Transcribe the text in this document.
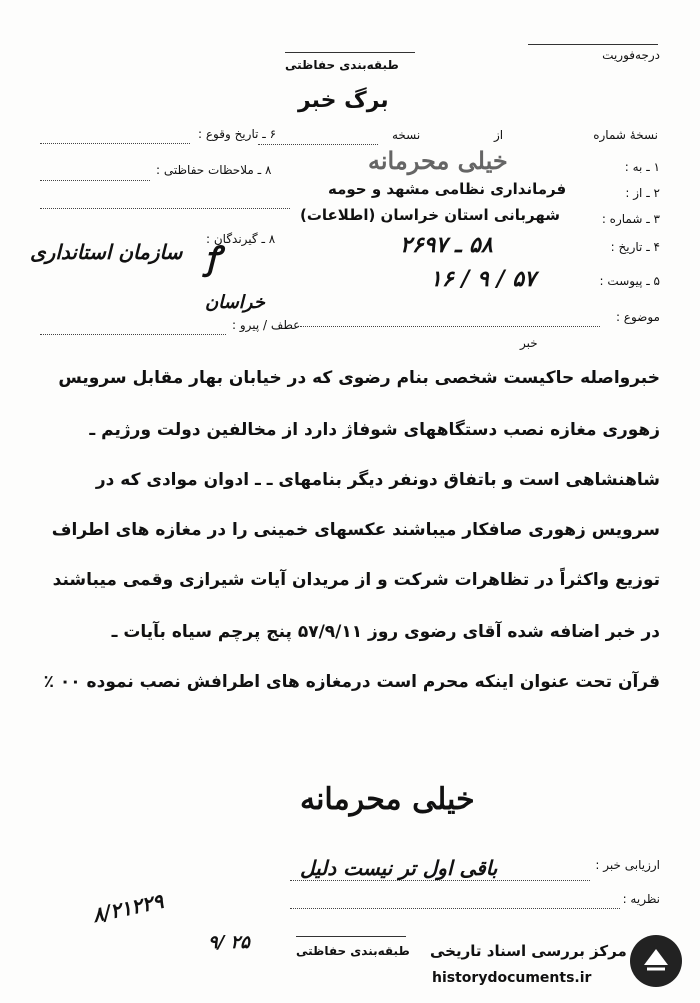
درجه‌فوریت
طبقه‌بندی حفاظتی
برگ خبر
نسخهٔ شماره
از
نسخه
۶ ـ تاریخ وقوع :
۸ ـ ملاحظات حفاظتی :
۸ ـ گیرندگان :
سازمان استانداری ꝭ
خراسان
عطف / پیرو :
۱ ـ به :
خیلی محرمانه
۲ ـ از :
فرمانداری نظامی مشهد و حومه
۳ ـ شماره :
شهربانی استان خراسان (اطلاعات)
۴ ـ تاریخ :
۵۸ ـ ۲۶۹۷
۵ ـ پیوست :
۵۷ / ۹ / ۱۶
موضوع :
خبر
خبرواصله حاکیست شخصی بنام رضوی که در خیابان بهار مقابل سرویس
زهوری مغازه نصب دستگاههای شوفاژ دارد از مخالفین دولت ورژیم ـ
شاهنشاهی است و باتفاق دونفر دیگر بنامهای ـ ـ ادوان موادی که در
سرویس زهوری صافکار میباشند عکسهای خمینی را در مغازه های اطراف
توزیع واکثراً در تظاهرات شرکت و از مریدان آیات شیرازی وقمی میباشند
در خبر اضافه شده آقای رضوی روز ۵۷/۹/۱۱ پنج پرچم سیاه بآیات ـ
قرآن تحت عنوان اینکه محرم است درمغازه های اطرافش نصب نموده ۰۰ ٪
خیلی محرمانه
ارزیابی خبر :
باقی اول تر نیست دلیل
نظریه :
۸/۲۱۲۲۹
۹/ ۲۵	طبقه‌بندی حفاظتی مرکز بررسی اسناد تاریخی
historydocuments.ir
